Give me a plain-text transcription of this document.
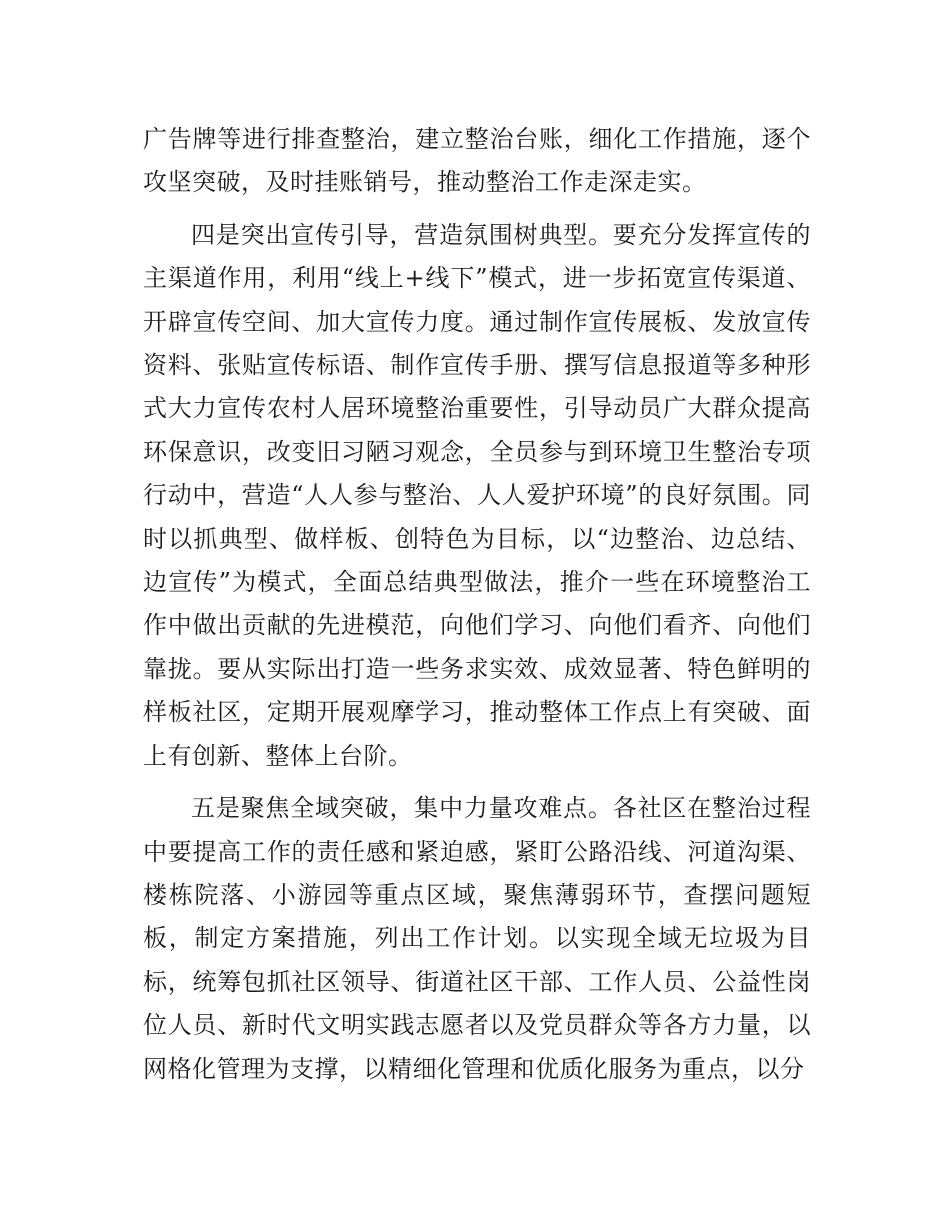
广告牌等进行排查整治，建立整治台账，细化工作措施，逐个攻坚突破，及时挂账销号，推动整治工作走深走实。

四是突出宣传引导，营造氛围树典型。要充分发挥宣传的主渠道作用，利用“线上+线下”模式，进一步拓宽宣传渠道、开辟宣传空间、加大宣传力度。通过制作宣传展板、发放宣传资料、张贴宣传标语、制作宣传手册、撰写信息报道等多种形式大力宣传农村人居环境整治重要性，引导动员广大群众提高环保意识，改变旧习陋习观念，全员参与到环境卫生整治专项行动中，营造“人人参与整治、人人爱护环境”的良好氛围。同时以抓典型、做样板、创特色为目标，以“边整治、边总结、边宣传”为模式，全面总结典型做法，推介一些在环境整治工作中做出贡献的先进模范，向他们学习、向他们看齐、向他们靠拢。要从实际出打造一些务求实效、成效显著、特色鲜明的样板社区，定期开展观摩学习，推动整体工作点上有突破、面上有创新、整体上台阶。

五是聚焦全域突破，集中力量攻难点。各社区在整治过程中要提高工作的责任感和紧迫感，紧盯公路沿线、河道沟渠、楼栋院落、小游园等重点区域，聚焦薄弱环节，查摆问题短板，制定方案措施，列出工作计划。以实现全域无垃圾为目标，统筹包抓社区领导、街道社区干部、工作人员、公益性岗位人员、新时代文明实践志愿者以及党员群众等各方力量，以网格化管理为支撑，以精细化管理和优质化服务为重点，以分
